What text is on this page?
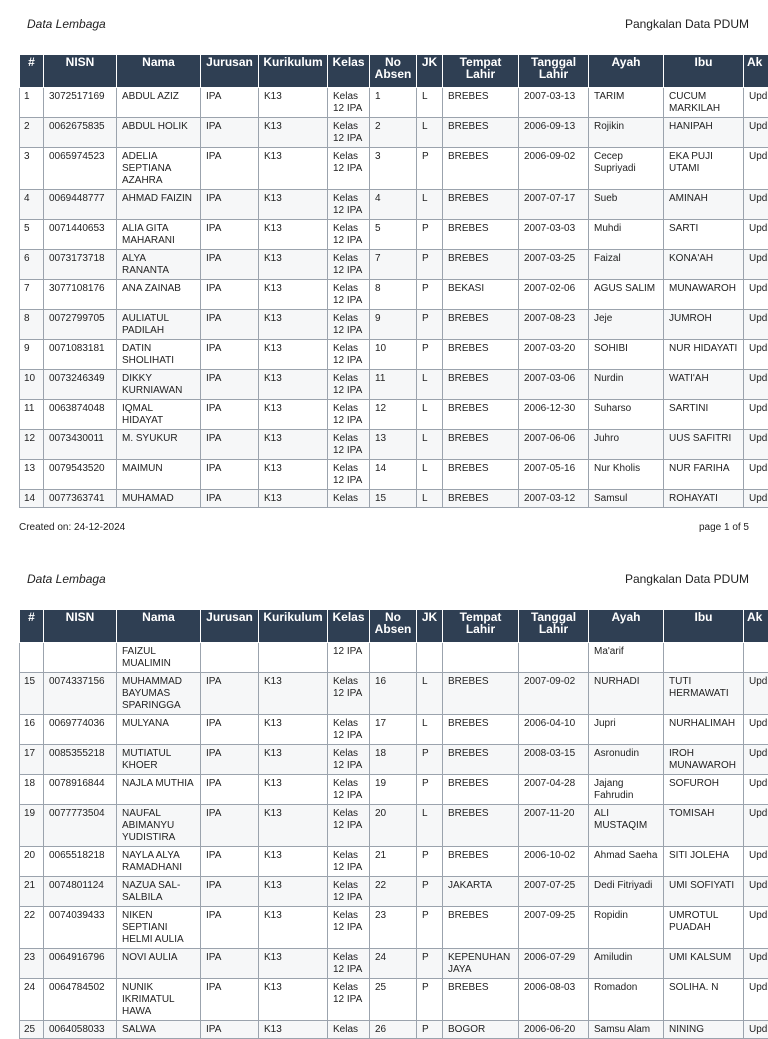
Data Lembaga	Pangkalan Data PDUM
#	NISN	Nama	Jurusan	Kurikulum	Kelas	No Absen	JK	Tempat Lahir	Tanggal Lahir	Ayah	Ibu	Ak
1	3072517169	ABDUL AZIZ	IPA	K13	Kelas 12 IPA	1	L	BREBES	2007-03-13	TARIM	CUCUM MARKILAH	Upd
2	0062675835	ABDUL HOLIK	IPA	K13	Kelas 12 IPA	2	L	BREBES	2006-09-13	Rojikin	HANIPAH	Upd
3	0065974523	ADELIA SEPTIANA AZAHRA	IPA	K13	Kelas 12 IPA	3	P	BREBES	2006-09-02	Cecep Supriyadi	EKA PUJI UTAMI	Upd
4	0069448777	AHMAD FAIZIN	IPA	K13	Kelas 12 IPA	4	L	BREBES	2007-07-17	Sueb	AMINAH	Upd
5	0071440653	ALIA GITA MAHARANI	IPA	K13	Kelas 12 IPA	5	P	BREBES	2007-03-03	Muhdi	SARTI	Upd
6	0073173718	ALYA RANANTA	IPA	K13	Kelas 12 IPA	7	P	BREBES	2007-03-25	Faizal	KONA'AH	Upd
7	3077108176	ANA ZAINAB	IPA	K13	Kelas 12 IPA	8	P	BEKASI	2007-02-06	AGUS SALIM	MUNAWAROH	Upd
8	0072799705	AULIATUL PADILAH	IPA	K13	Kelas 12 IPA	9	P	BREBES	2007-08-23	Jeje	JUMROH	Upd
9	0071083181	DATIN SHOLIHATI	IPA	K13	Kelas 12 IPA	10	P	BREBES	2007-03-20	SOHIBI	NUR HIDAYATI	Upd
10	0073246349	DIKKY KURNIAWAN	IPA	K13	Kelas 12 IPA	11	L	BREBES	2007-03-06	Nurdin	WATI'AH	Upd
11	0063874048	IQMAL HIDAYAT	IPA	K13	Kelas 12 IPA	12	L	BREBES	2006-12-30	Suharso	SARTINI	Upd
12	0073430011	M. SYUKUR	IPA	K13	Kelas 12 IPA	13	L	BREBES	2007-06-06	Juhro	UUS SAFITRI	Upd
13	0079543520	MAIMUN	IPA	K13	Kelas 12 IPA	14	L	BREBES	2007-05-16	Nur Kholis	NUR FARIHA	Upd
14	0077363741	MUHAMAD	IPA	K13	Kelas	15	L	BREBES	2007-03-12	Samsul	ROHAYATI	Upd
Created on: 24-12-2024	page 1 of 5
Data Lembaga	Pangkalan Data PDUM
#	NISN	Nama	Jurusan	Kurikulum	Kelas	No Absen	JK	Tempat Lahir	Tanggal Lahir	Ayah	Ibu	Ak
		FAIZUL MUALIMIN			12 IPA					Ma'arif		
15	0074337156	MUHAMMAD BAYUMAS SPARINGGA	IPA	K13	Kelas 12 IPA	16	L	BREBES	2007-09-02	NURHADI	TUTI HERMAWATI	Upd
16	0069774036	MULYANA	IPA	K13	Kelas 12 IPA	17	L	BREBES	2006-04-10	Jupri	NURHALIMAH	Upd
17	0085355218	MUTIATUL KHOER	IPA	K13	Kelas 12 IPA	18	P	BREBES	2008-03-15	Asronudin	IROH MUNAWAROH	Upd
18	0078916844	NAJLA MUTHIA	IPA	K13	Kelas 12 IPA	19	P	BREBES	2007-04-28	Jajang Fahrudin	SOFUROH	Upd
19	0077773504	NAUFAL ABIMANYU YUDISTIRA	IPA	K13	Kelas 12 IPA	20	L	BREBES	2007-11-20	ALI MUSTAQIM	TOMISAH	Upd
20	0065518218	NAYLA ALYA RAMADHANI	IPA	K13	Kelas 12 IPA	21	P	BREBES	2006-10-02	Ahmad Saeha	SITI JOLEHA	Upd
21	0074801124	NAZUA SAL-SALBILA	IPA	K13	Kelas 12 IPA	22	P	JAKARTA	2007-07-25	Dedi Fitriyadi	UMI SOFIYATI	Upd
22	0074039433	NIKEN SEPTIANI HELMI AULIA	IPA	K13	Kelas 12 IPA	23	P	BREBES	2007-09-25	Ropidin	UMROTUL PUADAH	Upd
23	0064916796	NOVI AULIA	IPA	K13	Kelas 12 IPA	24	P	KEPENUHAN JAYA	2006-07-29	Amiludin	UMI KALSUM	Upd
24	0064784502	NUNIK IKRIMATUL HAWA	IPA	K13	Kelas 12 IPA	25	P	BREBES	2006-08-03	Romadon	SOLIHA. N	Upd
25	0064058033	SALWA	IPA	K13	Kelas	26	P	BOGOR	2006-06-20	Samsu Alam	NINING	Upd
